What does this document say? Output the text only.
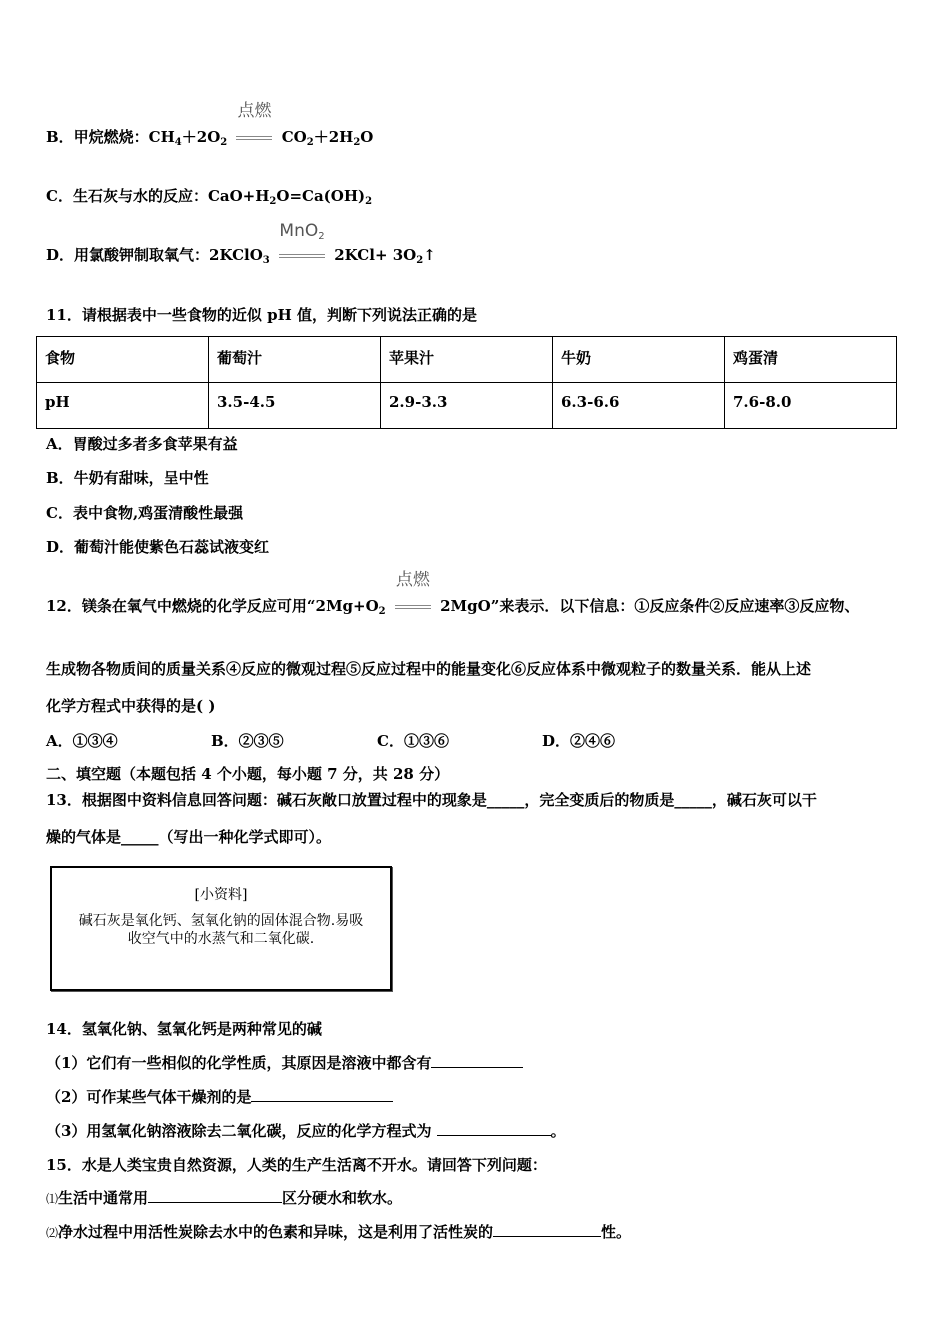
B．甲烷燃烧：$CH_4+2O_2$
点燃
$CO_2+2H_2O$
C．生石灰与水的反应：$CaO+H_2O=Ca(OH)_2$
D．用氯酸钾制取氧气：2KClO$_3$
MnO$_2$
$2KCl+ 3O_2↑$
11．请根据表中一些食物的近似 pH 值，判断下列说法正确的是
食物	葡萄汁	苹果汁	牛奶	鸡蛋清
pH	3.5-4.5	2.9-3.3	6.3-6.6	7.6-8.0
A．胃酸过多者多食苹果有益
B．牛奶有甜味，呈中性
C．表中食物,鸡蛋清酸性最强
D．葡萄汁能使紫色石蕊试液变红
12．镁条在氧气中燃烧的化学反应可用“$2Mg+O_2$
点燃
2MgO”来表示．以下信息：①反应条件②反应速率③反应物、
生成物各物质间的质量关系④反应的微观过程⑤反应过程中的能量变化⑥反应体系中微观粒子的数量关系．能从上述
化学方程式中获得的是( )
A．①③④	B．②③⑤	C．①③⑥	D．②④⑥
二、填空题（本题包括 4 个小题，每小题 7 分，共 28 分）
13．根据图中资料信息回答问题：碱石灰敞口放置过程中的现象是_____，完全变质后的物质是_____，碱石灰可以干
燥的气体是_____（写出一种化学式即可）。
[小资料]
碱石灰是氧化钙、氢氧化钠的固体混合物.易吸收空气中的水蒸气和二氧化碳.
14．氢氧化钠、氢氧化钙是两种常见的碱
（1）它们有一些相似的化学性质，其原因是溶液中都含有
（2）可作某些气体干燥剂的是
（3）用氢氧化钠溶液除去二氧化碳，反应的化学方程式为	。
15．水是人类宝贵自然资源，人类的生产生活离不开水。请回答下列问题：
⑴生活中通常用	区分硬水和软水。
⑵净水过程中用活性炭除去水中的色素和异味，这是利用了活性炭的	性。
